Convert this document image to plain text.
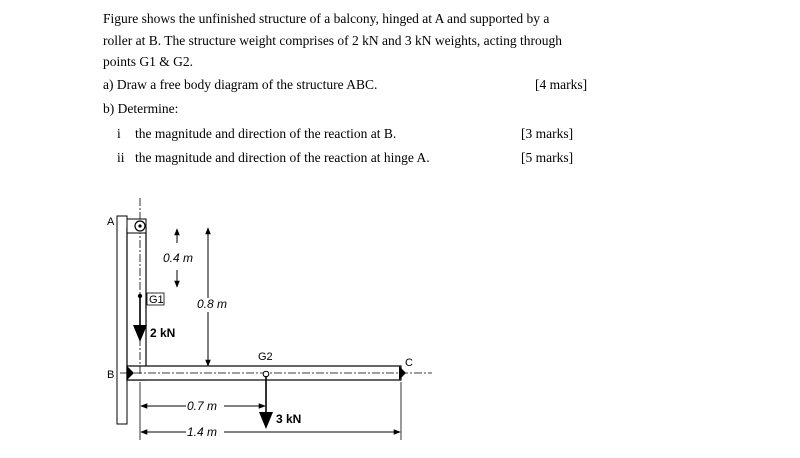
Figure shows the unfinished structure of a balcony, hinged at A and supported by a

roller at B. The structure weight comprises of 2 kN and 3 kN weights, acting through

points G1 & G2.

a) Draw a free body diagram of the structure ABC.	[4 marks]
b) Determine:
i the magnitude and direction of the reaction at B.	[3 marks]
ii the magnitude and direction of the reaction at hinge A.	[5 marks]
A
B
C
G1
2 kN
0.4 m
0.8 m
G2
3 kN
0.7 m
1.4 m
